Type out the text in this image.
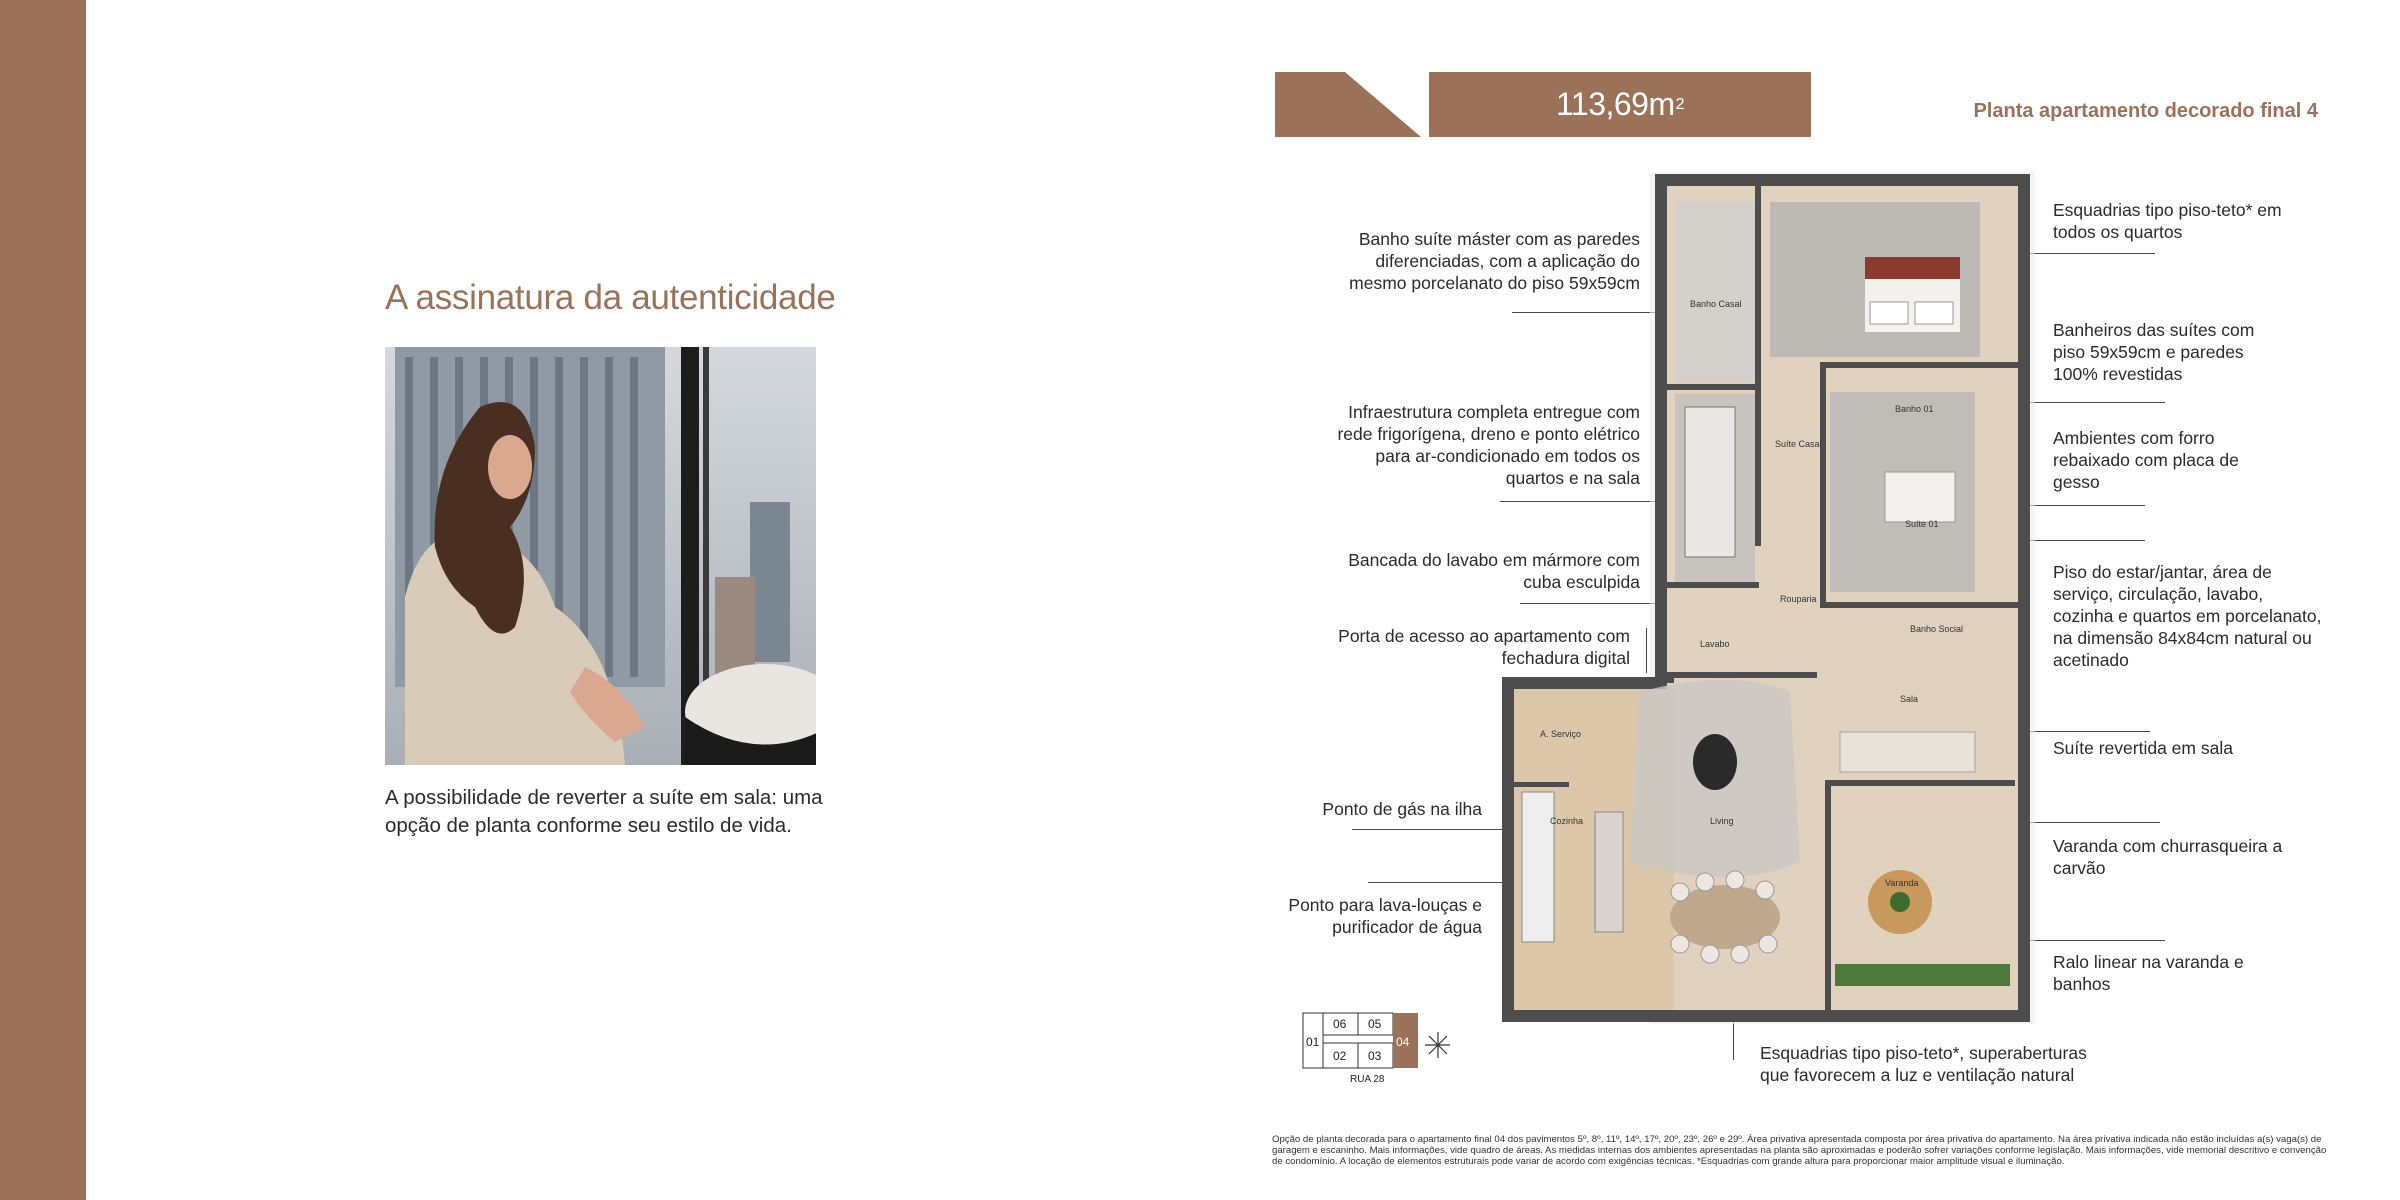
A assinatura da autenticidade
A possibilidade de reverter a suíte em sala: uma opção de planta conforme seu estilo de vida.
113,69m 2	Planta apartamento decorado final 4
Banho suíte máster com as paredes diferenciadas, com a aplicação do mesmo porcelanato do piso 59x59cm
Infraestrutura completa entregue com rede frigorígena, dreno e ponto elétrico para ar-condicionado em todos os quartos e na sala
Bancada do lavabo em mármore com cuba esculpida
Porta de acesso ao apartamento com fechadura digital
Ponto de gás na ilha
Ponto para lava-louças e purificador de água
Esquadrias tipo piso-teto* em todos os quartos
Banheiros das suítes com piso 59x59cm e paredes 100% revestidas
Ambientes com forro rebaixado com placa de gesso
Piso do estar/jantar, área de serviço, circulação, lavabo, cozinha e quartos em porcelanato, na dimensão 84x84cm natural ou acetinado
Suíte revertida em sala
Varanda com churrasqueira a carvão
Ralo linear na varanda e banhos
Esquadrias tipo piso-teto*, superaberturas que favorecem a luz e ventilação natural
Banho Casal
Suíte Casal
Banho 01
Suíte 01
Rouparia
Lavabo
Banho Social
Sala
A. Serviço
Cozinha	Living
Varanda
06 05
01
02 03
04
RUA 28
Opção de planta decorada para o apartamento final 04 dos pavimentos 5º, 8º, 11º, 14º, 17º, 20º, 23º, 26º e 29º. Área privativa apresentada composta por área privativa do apartamento. Na área privativa indicada não estão incluídas a(s) vaga(s) de garagem e escaninho. Mais informações, vide quadro de áreas. As medidas internas dos ambientes apresentadas na planta são aproximadas e poderão sofrer variações conforme legislação. Mais informações, vide memorial descritivo e convenção de condomínio. A locação de elementos estruturais pode variar de acordo com exigências técnicas. *Esquadrias com grande altura para proporcionar maior amplitude visual e iluminação.
